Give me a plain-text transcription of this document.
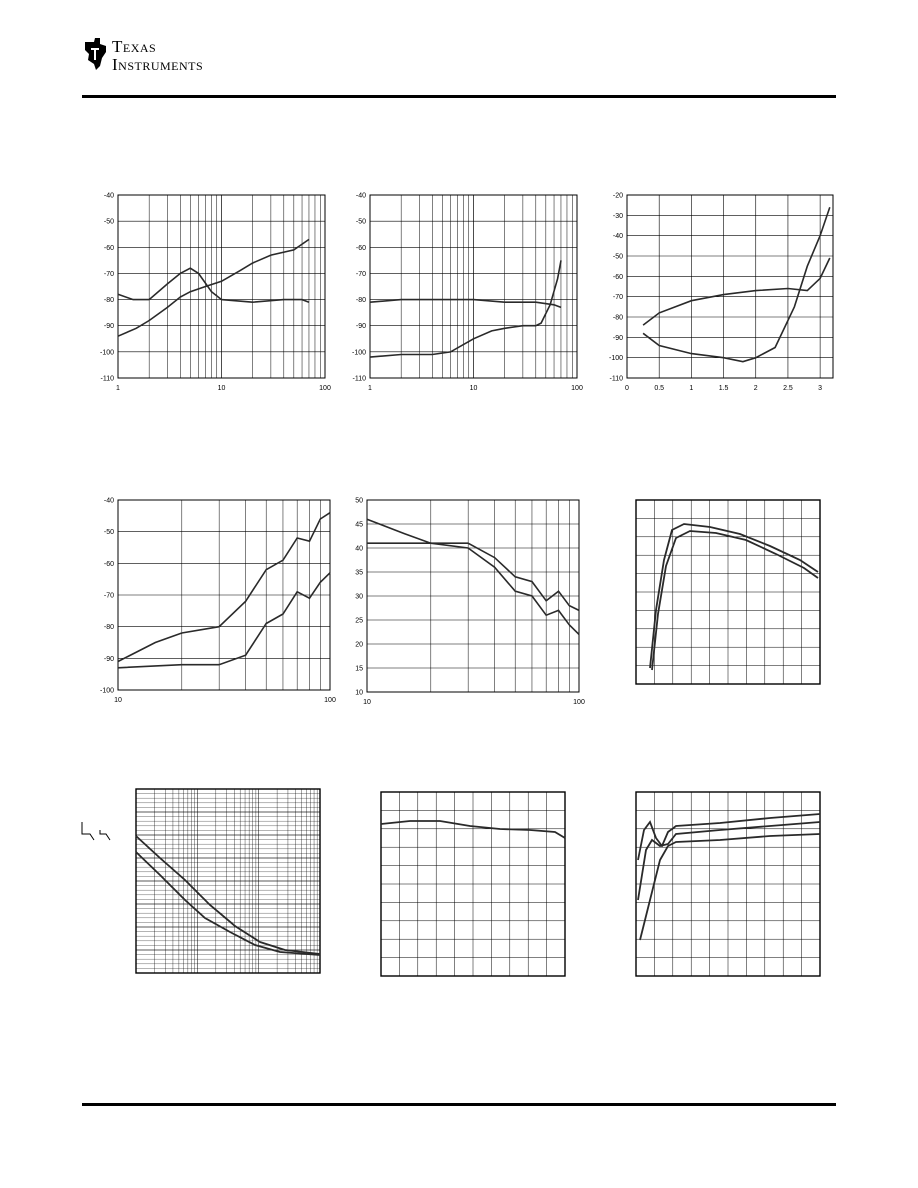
Texas
Instruments
-40
-50
-60
-70
-80
-90
-100
-110
1	10	100
-40
-50
-60
-70
-80
-90
-100
-110
1	10	100
-20
-30
-40
-50
-60
-70
-80
-90
-100
-110
0	0.5	1	1.5	2	2.5	3
-40
-50
-60
-70
-80
-90
-100
10	100
10
15
20
25
30
35
40
45
50
10	100
